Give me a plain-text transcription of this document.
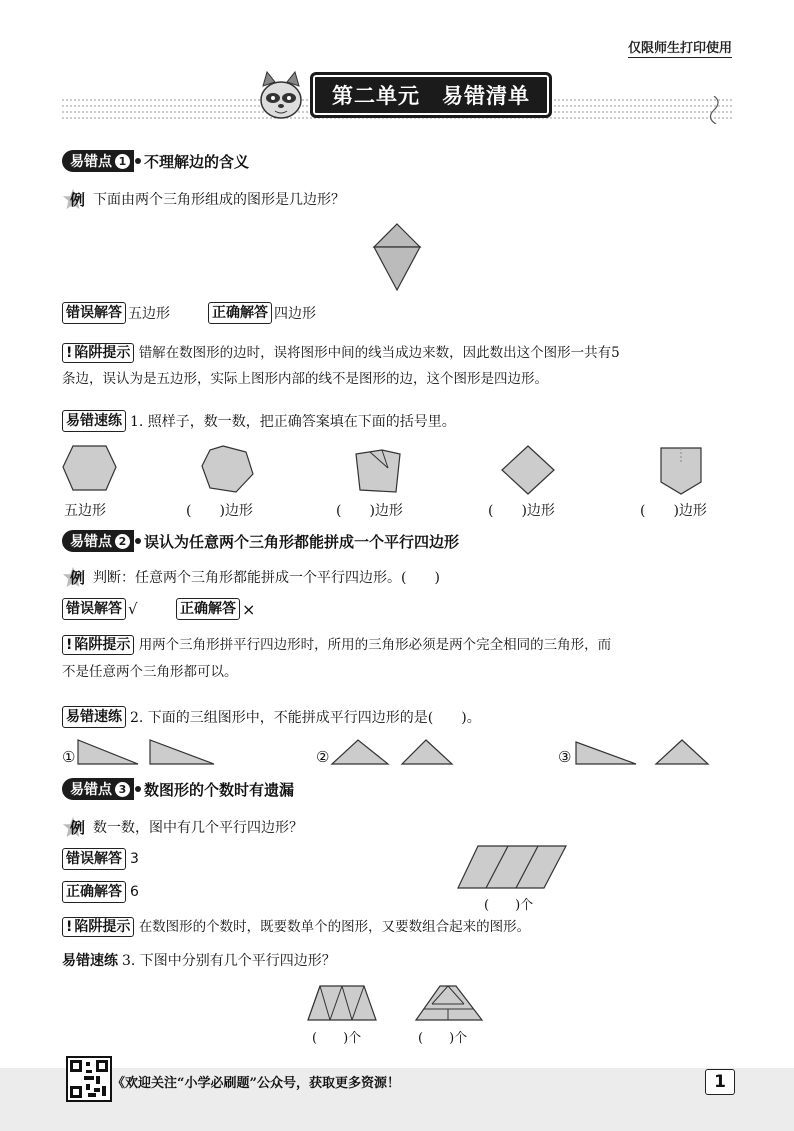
仅限师生打印使用
第二单元　易错清单
易错点 1 不理解边的含义
例 下面由两个三角形组成的图形是几边形？
错误解答 五边形	正确解答 四边形
! 陷阱提示 错解在数图形的边时，误将图形中间的线当成边来数，因此数出这个图形一共有5
条边，误认为是五边形，实际上图形内部的线不是图形的边，这个图形是四边形。
易错速练 1. 照样子，数一数，把正确答案填在下面的括号里。
五边形	(　　)边形	(　　)边形	(　　)边形	(　　)边形
易错点 2 误认为任意两个三角形都能拼成一个平行四边形
例 判断：任意两个三角形都能拼成一个平行四边形。(　　)
错误解答 √	正确解答 ×
! 陷阱提示 用两个三角形拼平行四边形时，所用的三角形必须是两个完全相同的三角形，而
不是任意两个三角形都可以。
易错速练 2. 下面的三组图形中，不能拼成平行四边形的是(　　)。
①	②	③
易错点 3 数图形的个数时有遗漏
例 数一数，图中有几个平行四边形？
错误解答 3
正确解答 6
(　　)个
! 陷阱提示 在数图形的个数时，既要数单个的图形，又要数组合起来的图形。
易错速练 3. 下图中分别有几个平行四边形？
(　　)个	(　　)个
《欢迎关注“小学必刷题”公众号，获取更多资源！	1
